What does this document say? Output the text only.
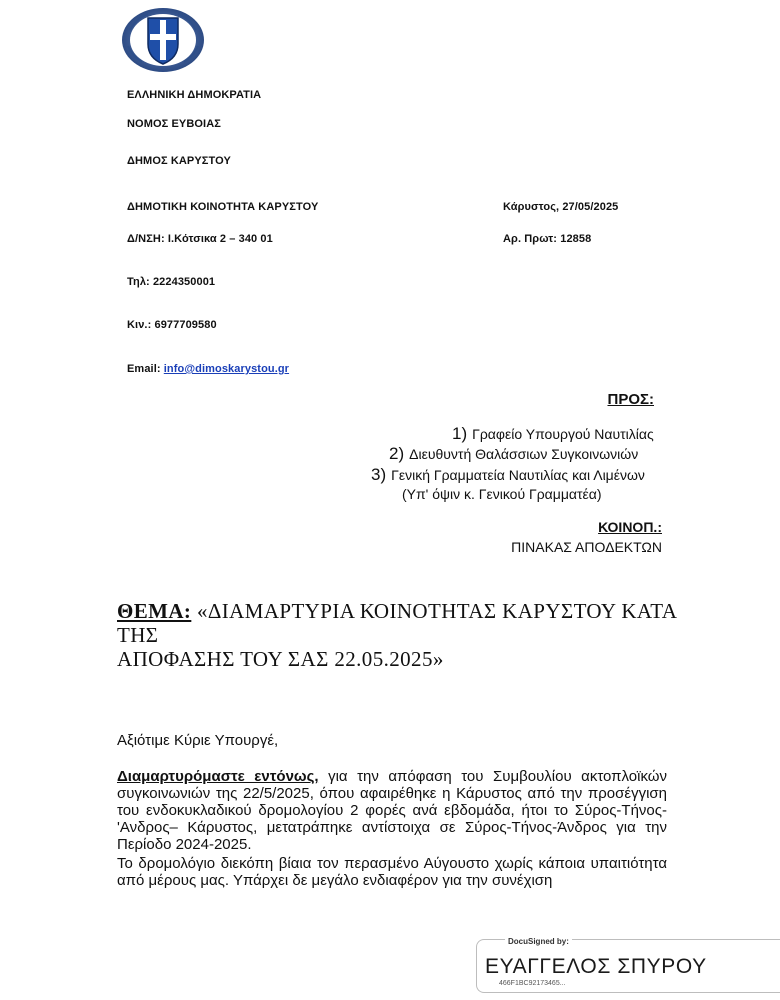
ΕΛΛΗΝΙΚΗ ΔΗΜΟΚΡΑΤΙΑ
ΝΟΜΟΣ ΕΥΒΟΙΑΣ
ΔΗΜΟΣ ΚΑΡΥΣΤΟΥ
ΔΗΜΟΤΙΚΗ ΚΟΙΝΟΤΗΤΑ ΚΑΡΥΣΤΟΥ
Δ/ΝΣΗ: Ι.Κότσικα 2 – 340 01
Τηλ: 2224350001
Κιν.: 6977709580
Email: info@dimoskarystou.gr
Κάρυστος, 27/05/2025
Αρ. Πρωτ: 12858
ΠΡΟΣ:
1) Γραφείο Υπουργού Ναυτιλίας
2) Διευθυντή Θαλάσσιων Συγκοινωνιών
3) Γενική Γραμματεία Ναυτιλίας και Λιμένων
(Υπ' όψιν κ. Γενικού Γραμματέα)
ΚΟΙΝΟΠ.:
ΠΙΝΑΚΑΣ ΑΠΟΔΕΚΤΩΝ
ΘΕΜΑ: «ΔΙΑΜΑΡΤΥΡΙΑ ΚΟΙΝΟΤΗΤΑΣ ΚΑΡΥΣΤΟΥ ΚΑΤΑ ΤΗΣ
ΑΠΟΦΑΣΗΣ ΤΟΥ ΣΑΣ 22.05.2025»
Αξιότιμε Κύριε Υπουργέ,
Διαμαρτυρόμαστε εντόνως, για την απόφαση του Συμβουλίου ακτοπλοϊκών συγκοινωνιών της 22/5/2025, όπου αφαιρέθηκε η Κάρυστος από την προσέγγιση του ενδοκυκλαδικού δρομολογίου 2 φορές ανά εβδομάδα, ήτοι το Σύρος-Τήνος-'Ανδρος– Κάρυστος, μετατράπηκε αντίστοιχα σε Σύρος-Τήνος-Άνδρος για την Περίοδο 2024-2025.
Το δρομολόγιο διεκόπη βίαια τον περασμένο Αύγουστο χωρίς κάποια υπαιτιότητα από μέρους μας. Υπάρχει δε μεγάλο ενδιαφέρον για την συνέχιση
DocuSigned by:
ΕΥΑΓΓΕΛΟΣ ΣΠΥΡΟΥ
466F1BC92173465...
